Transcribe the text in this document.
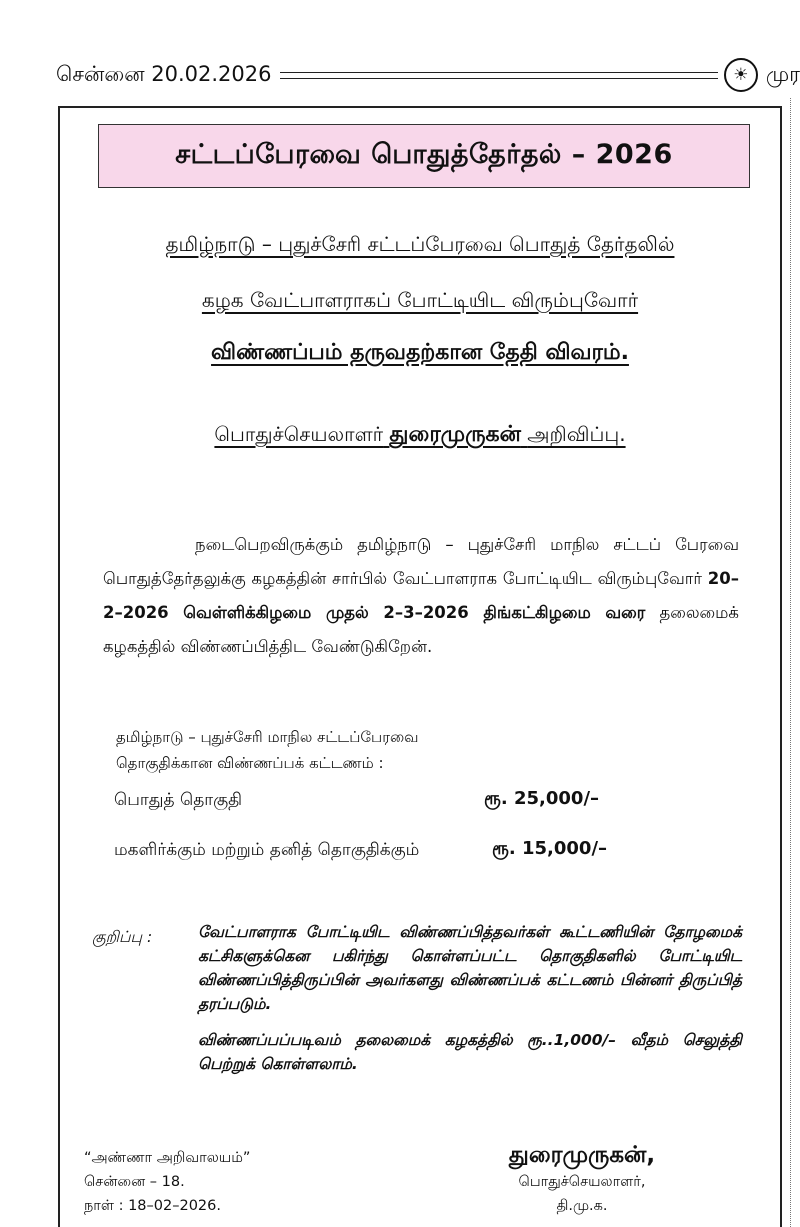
சென்னை 20.02.2026	☀ முர
சட்டப்பேரவை பொதுத்தேர்தல் – 2026
தமிழ்நாடு – புதுச்சேரி சட்டப்பேரவை பொதுத் தேர்தலில்
கழக வேட்பாளராகப் போட்டியிட விரும்புவோர்
விண்ணப்பம் தருவதற்கான தேதி விவரம்.
பொதுச்செயலாளர் துரைமுருகன் அறிவிப்பு.
நடைபெறவிருக்கும் தமிழ்நாடு – புதுச்சேரி மாநில சட்டப் பேரவை பொதுத்தேர்தலுக்கு கழகத்தின் சார்பில் வேட்பாளராக போட்டியிட விரும்புவோர் 20–2–2026 வெள்ளிக்கிழமை முதல் 2–3–2026 திங்கட்கிழமை வரை தலைமைக் கழகத்தில் விண்ணப்பித்திட வேண்டுகிறேன்.
தமிழ்நாடு – புதுச்சேரி மாநில சட்டப்பேரவை
தொகுதிக்கான விண்ணப்பக் கட்டணம் :
பொதுத் தொகுதி	ரூ. 25,000/–
மகளிர்க்கும் மற்றும் தனித் தொகுதிக்கும்	ரூ. 15,000/–
குறிப்பு :	வேட்பாளராக போட்டியிட விண்ணப்பித்தவர்கள் கூட்டணியின் தோழமைக் கட்சிகளுக்கென பகிர்ந்து கொள்ளப்பட்ட தொகுதிகளில் போட்டியிட விண்ணப்பித்திருப்பின் அவர்களது விண்ணப்பக் கட்டணம் பின்னர் திருப்பித் தரப்படும்.

விண்ணப்பப்படிவம் தலைமைக் கழகத்தில் ரூ..1,000/– வீதம் செலுத்தி பெற்றுக் கொள்ளலாம்.

“அண்ணா அறிவாலயம்”
சென்னை – 18.
நாள் : 18–02–2026.
துரைமுருகன்,
பொதுச்செயலாளர்,
தி.மு.க.
